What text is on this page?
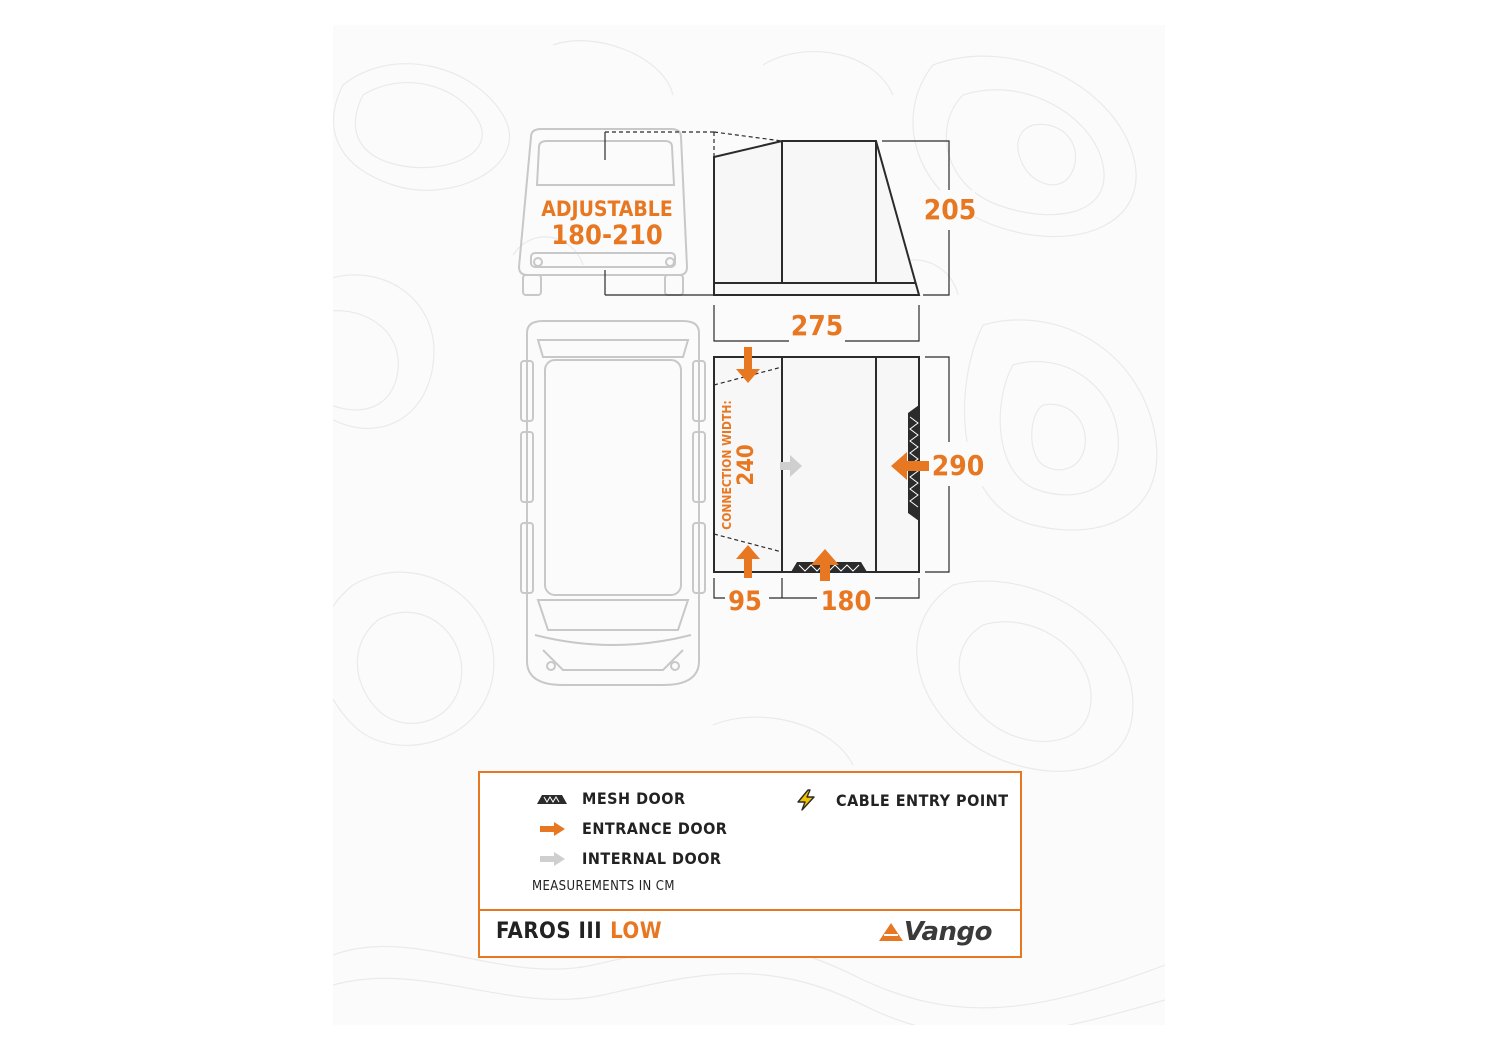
ADJUSTABLE
180-210
205
275
CONNECTION WIDTH: 240	290
95 180
MESH DOOR
ENTRANCE DOOR
INTERNAL DOOR
CABLE ENTRY POINT
MEASUREMENTS IN CM
FAROS III LOW	Vango
